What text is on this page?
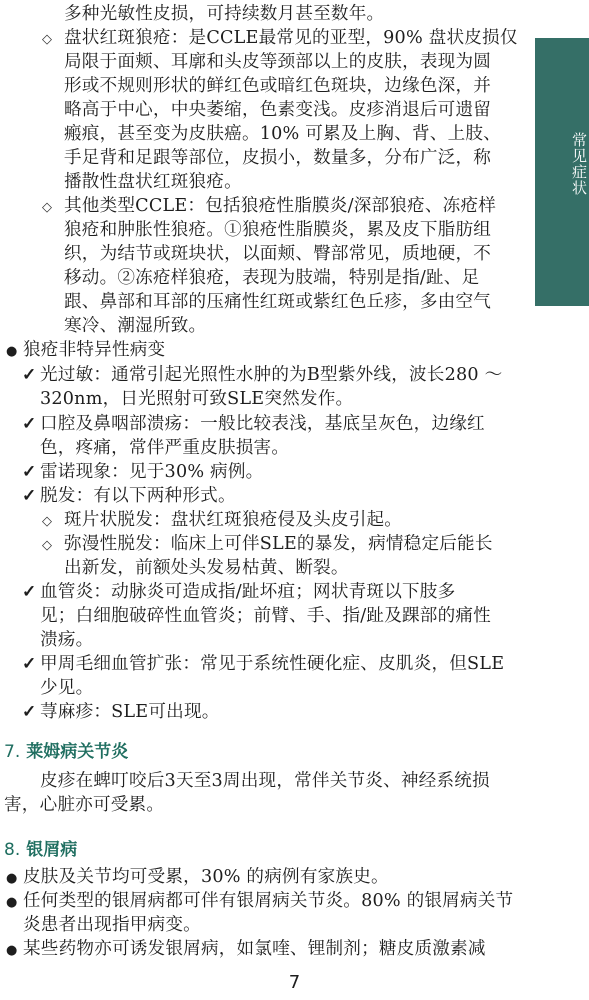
多种光敏性皮损，可持续数月甚至数年。
◇ 盘状红斑狼疮：是CCLE最常见的亚型，90% 盘状皮损仅
局限于面颊、耳廓和头皮等颈部以上的皮肤，表现为圆
形或不规则形状的鲜红色或暗红色斑块，边缘色深，并
略高于中心，中央萎缩，色素变浅。皮疹消退后可遗留
瘢痕，甚至变为皮肤癌。10% 可累及上胸、背、上肢、
手足背和足跟等部位，皮损小，数量多，分布广泛，称
播散性盘状红斑狼疮。
◇ 其他类型CCLE：包括狼疮性脂膜炎/深部狼疮、冻疮样
狼疮和肿胀性狼疮。①狼疮性脂膜炎，累及皮下脂肪组
织，为结节或斑块状，以面颊、臀部常见，质地硬，不
移动。②冻疮样狼疮，表现为肢端，特别是指/趾、足
跟、鼻部和耳部的压痛性红斑或紫红色丘疹，多由空气
寒冷、潮湿所致。
● 狼疮非特异性病变
✓ 光过敏：通常引起光照性水肿的为B型紫外线，波长280 ～
320nm，日光照射可致SLE突然发作。
✓ 口腔及鼻咽部溃疡：一般比较表浅，基底呈灰色，边缘红
色，疼痛，常伴严重皮肤损害。
✓ 雷诺现象：见于30% 病例。
✓ 脱发：有以下两种形式。
◇ 斑片状脱发：盘状红斑狼疮侵及头皮引起。
◇ 弥漫性脱发：临床上可伴SLE的暴发，病情稳定后能长
出新发，前额处头发易枯黄、断裂。
✓ 血管炎：动脉炎可造成指/趾坏疽；网状青斑以下肢多
见；白细胞破碎性血管炎；前臂、手、指/趾及踝部的痛性
溃疡。
✓ 甲周毛细血管扩张：常见于系统性硬化症、皮肌炎，但SLE
少见。
✓ 荨麻疹：SLE可出现。
7. 莱姆病关节炎
皮疹在蜱叮咬后3天至3周出现，常伴关节炎、神经系统损
害，心脏亦可受累。
8. 银屑病
● 皮肤及关节均可受累，30% 的病例有家族史。
● 任何类型的银屑病都可伴有银屑病关节炎。80% 的银屑病关节
炎患者出现指甲病变。
● 某些药物亦可诱发银屑病，如氯喹、锂制剂；糖皮质激素减
常见症状
7
